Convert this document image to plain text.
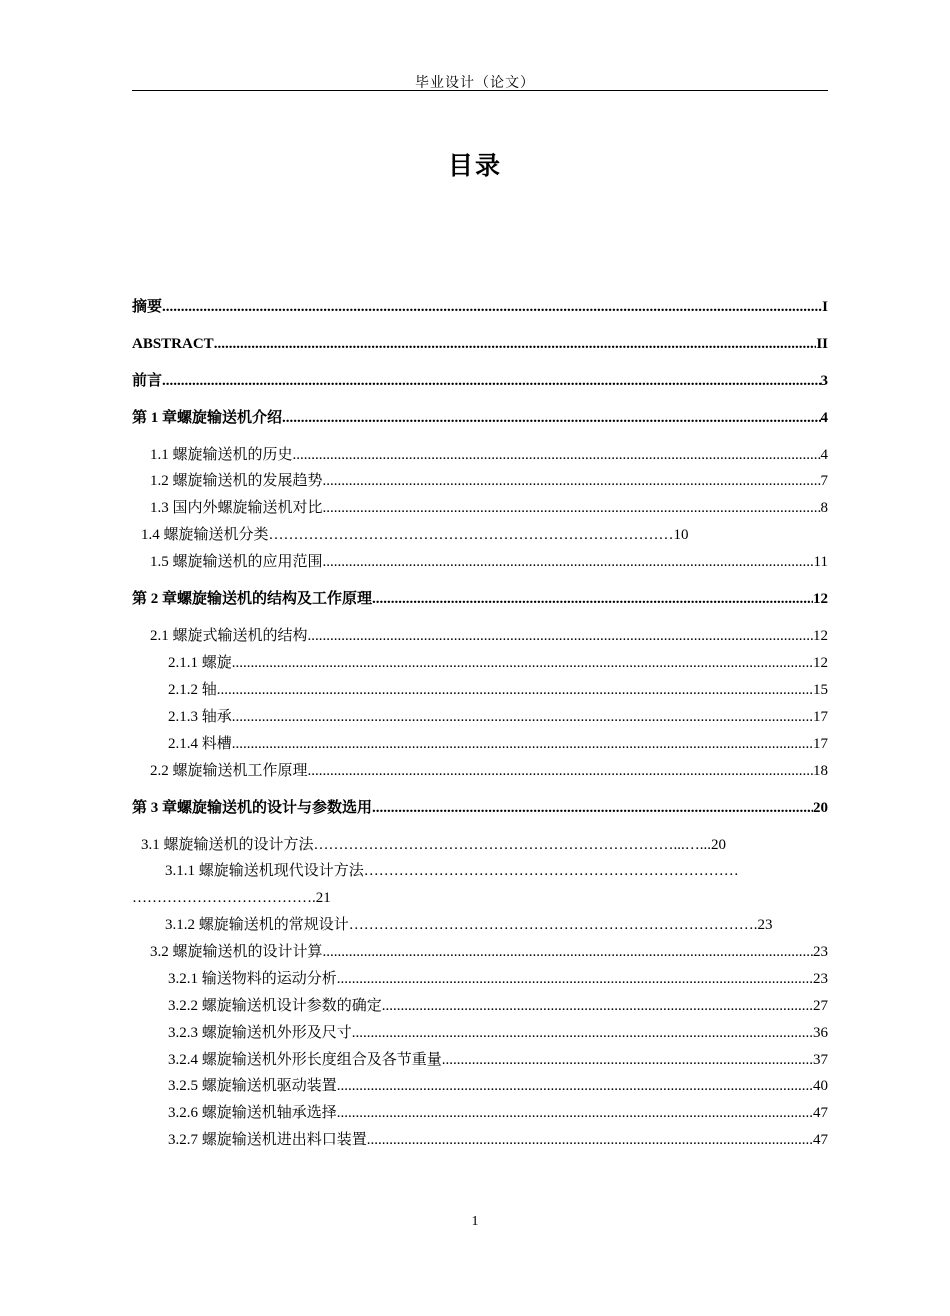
毕业设计（论文）
目录
摘要 .....	I
ABSTRACT .....	II
前言 .....	3
第 1 章螺旋输送机介绍 .....	4
1.1 螺旋输送机的历史 .....	4
1.2 螺旋输送机的发展趋势 .....	7
1.3 国内外螺旋输送机对比 .....	8
1.4 螺旋输送机分类………………………………………………………………………10
1.5 螺旋输送机的应用范围 .....	11
第 2 章螺旋输送机的结构及工作原理 .....	12
2.1 螺旋式输送机的结构 .....	12
2.1.1 螺旋 .....	12
2.1.2 轴 .....	15
2.1.3 轴承 .....	17
2.1.4 料槽 .....	17
2.2 螺旋输送机工作原理 .....	18
第 3 章螺旋输送机的设计与参数选用 .....	20
3.1 螺旋输送机的设计方法………………………………………………………………...…...20
3.1.1 螺旋输送机现代设计方法…………………………………………………………………
……………………………….21
3.1.2 螺旋输送机的常规设计……………………………………………………………………….23
3.2 螺旋输送机的设计计算 .....	23
3.2.1 输送物料的运动分析 .....	23
3.2.2 螺旋输送机设计参数的确定 .....	27
3.2.3 螺旋输送机外形及尺寸 .....	36
3.2.4 螺旋输送机外形长度组合及各节重量 .....	37
3.2.5 螺旋输送机驱动装置 .....	40
3.2.6 螺旋输送机轴承选择 .....	47
3.2.7 螺旋输送机进出料口装置 .....	47
1
